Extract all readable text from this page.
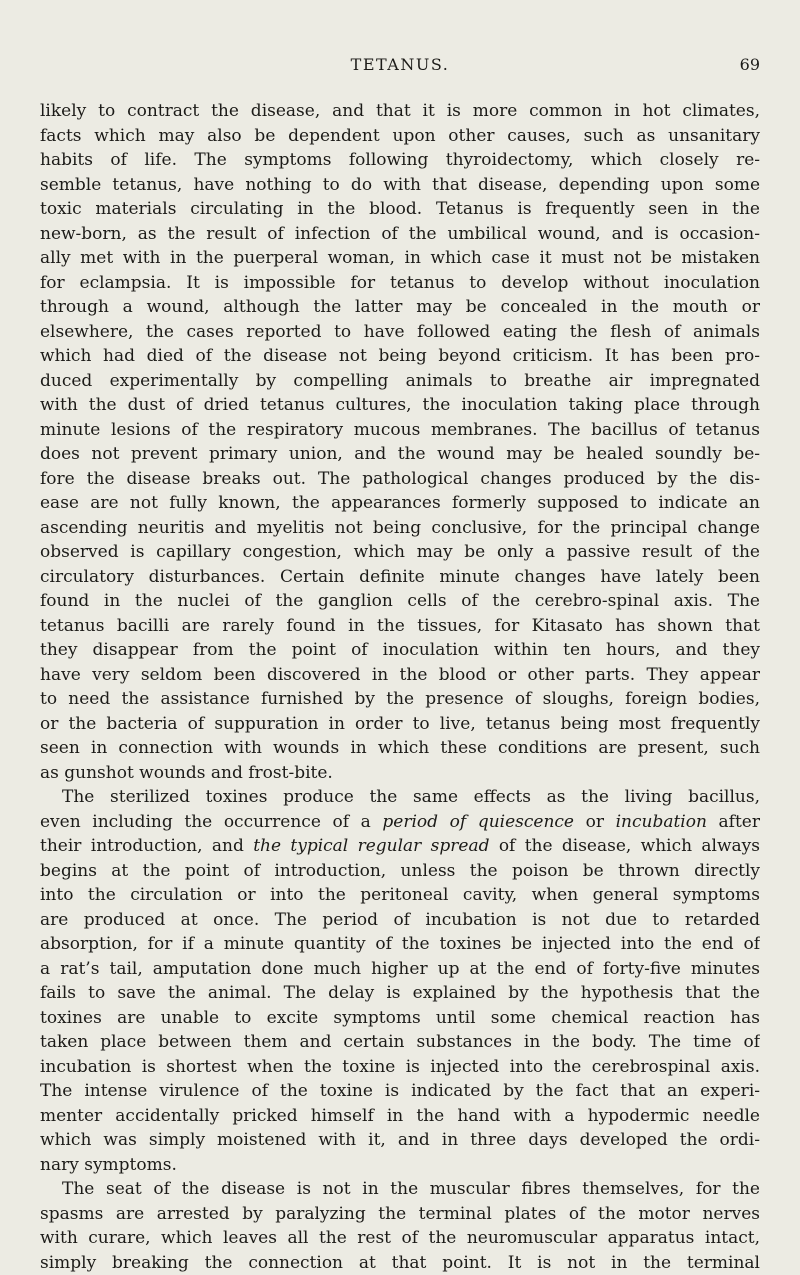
TETANUS.	69
likely to contract the disease, and that it is more common in hot climates,
facts which may also be dependent upon other causes, such as unsanitary
habits of life. The symptoms following thyroidectomy, which closely re-
semble tetanus, have nothing to do with that disease, depending upon some
toxic materials circulating in the blood. Tetanus is frequently seen in the
new-born, as the result of infection of the umbilical wound, and is occasion-
ally met with in the puerperal woman, in which case it must not be mistaken
for eclampsia. It is impossible for tetanus to develop without inoculation
through a wound, although the latter may be concealed in the mouth or
elsewhere, the cases reported to have followed eating the flesh of animals
which had died of the disease not being beyond criticism. It has been pro-
duced experimentally by compelling animals to breathe air impregnated
with the dust of dried tetanus cultures, the inoculation taking place through
minute lesions of the respiratory mucous membranes. The bacillus of tetanus
does not prevent primary union, and the wound may be healed soundly be-
fore the disease breaks out. The pathological changes produced by the dis-
ease are not fully known, the appearances formerly supposed to indicate an
ascending neuritis and myelitis not being conclusive, for the principal change
observed is capillary congestion, which may be only a passive result of the
circulatory disturbances. Certain definite minute changes have lately been
found in the nuclei of the ganglion cells of the cerebro-spinal axis. The
tetanus bacilli are rarely found in the tissues, for Kitasato has shown that
they disappear from the point of inoculation within ten hours, and they
have very seldom been discovered in the blood or other parts. They appear
to need the assistance furnished by the presence of sloughs, foreign bodies,
or the bacteria of suppuration in order to live, tetanus being most frequently
seen in connection with wounds in which these conditions are present, such
as gunshot wounds and frost-bite.
The sterilized toxines produce the same effects as the living bacillus,
even including the occurrence of a period of quiescence or incubation after
their introduction, and the typical regular spread of the disease, which always
begins at the point of introduction, unless the poison be thrown directly
into the circulation or into the peritoneal cavity, when general symptoms
are produced at once. The period of incubation is not due to retarded
absorption, for if a minute quantity of the toxines be injected into the end of
a rat’s tail, amputation done much higher up at the end of forty-five minutes
fails to save the animal. The delay is explained by the hypothesis that the
toxines are unable to excite symptoms until some chemical reaction has
taken place between them and certain substances in the body. The time of
incubation is shortest when the toxine is injected into the cerebrospinal axis.
The intense virulence of the toxine is indicated by the fact that an experi-
menter accidentally pricked himself in the hand with a hypodermic needle
which was simply moistened with it, and in three days developed the ordi-
nary symptoms.
The seat of the disease is not in the muscular fibres themselves, for the
spasms are arrested by paralyzing the terminal plates of the motor nerves
with curare, which leaves all the rest of the neuromuscular apparatus intact,
simply breaking the connection at that point. It is not in the terminal
